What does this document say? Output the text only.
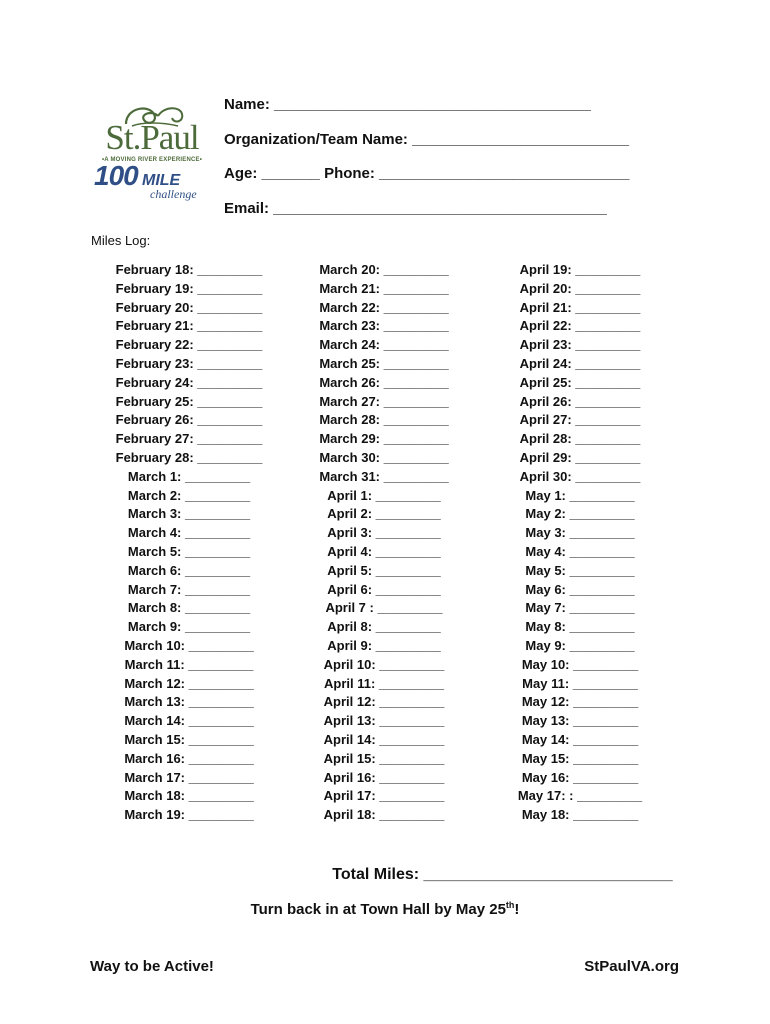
St.Paul
•A MOVING RIVER EXPERIENCE•
100 MILE
challenge
Name: ______________________________________
Organization/Team Name: __________________________
Age: _______ Phone: ______________________________
Email: ________________________________________
Miles Log:
February 18: _________
February 19: _________
February 20: _________
February 21: _________
February 22: _________
February 23: _________
February 24: _________
February 25: _________
February 26: _________
February 27: _________
February 28: _________
March 1: _________
March 2: _________
March 3: _________
March 4: _________
March 5: _________
March 6: _________
March 7: _________
March 8: _________
March 9: _________
March 10: _________
March 11: _________
March 12: _________
March 13: _________
March 14: _________
March 15: _________
March 16: _________
March 17: _________
March 18: _________
March 19: _________
March 20: _________
March 21: _________
March 22: _________
March 23: _________
March 24: _________
March 25: _________
March 26: _________
March 27: _________
March 28: _________
March 29: _________
March 30: _________
March 31: _________
April 1: _________
April 2: _________
April 3: _________
April 4: _________
April 5: _________
April 6: _________
April 7 : _________
April 8: _________
April 9: _________
April 10: _________
April 11: _________
April 12: _________
April 13: _________
April 14: _________
April 15: _________
April 16: _________
April 17: _________
April 18: _________
April 19: _________
April 20: _________
April 21: _________
April 22: _________
April 23: _________
April 24: _________
April 25: _________
April 26: _________
April 27: _________
April 28: _________
April 29: _________
April 30: _________
May 1: _________
May 2: _________
May 3: _________
May 4: _________
May 5: _________
May 6: _________
May 7: _________
May 8: _________
May 9: _________
May 10: _________
May 11: _________
May 12: _________
May 13: _________
May 14: _________
May 15: _________
May 16: _________
May 17: : _________
May 18: _________
Total Miles: ____________________________
Turn back in at Town Hall by May 25th!
Way to be Active!	StPaulVA.org
